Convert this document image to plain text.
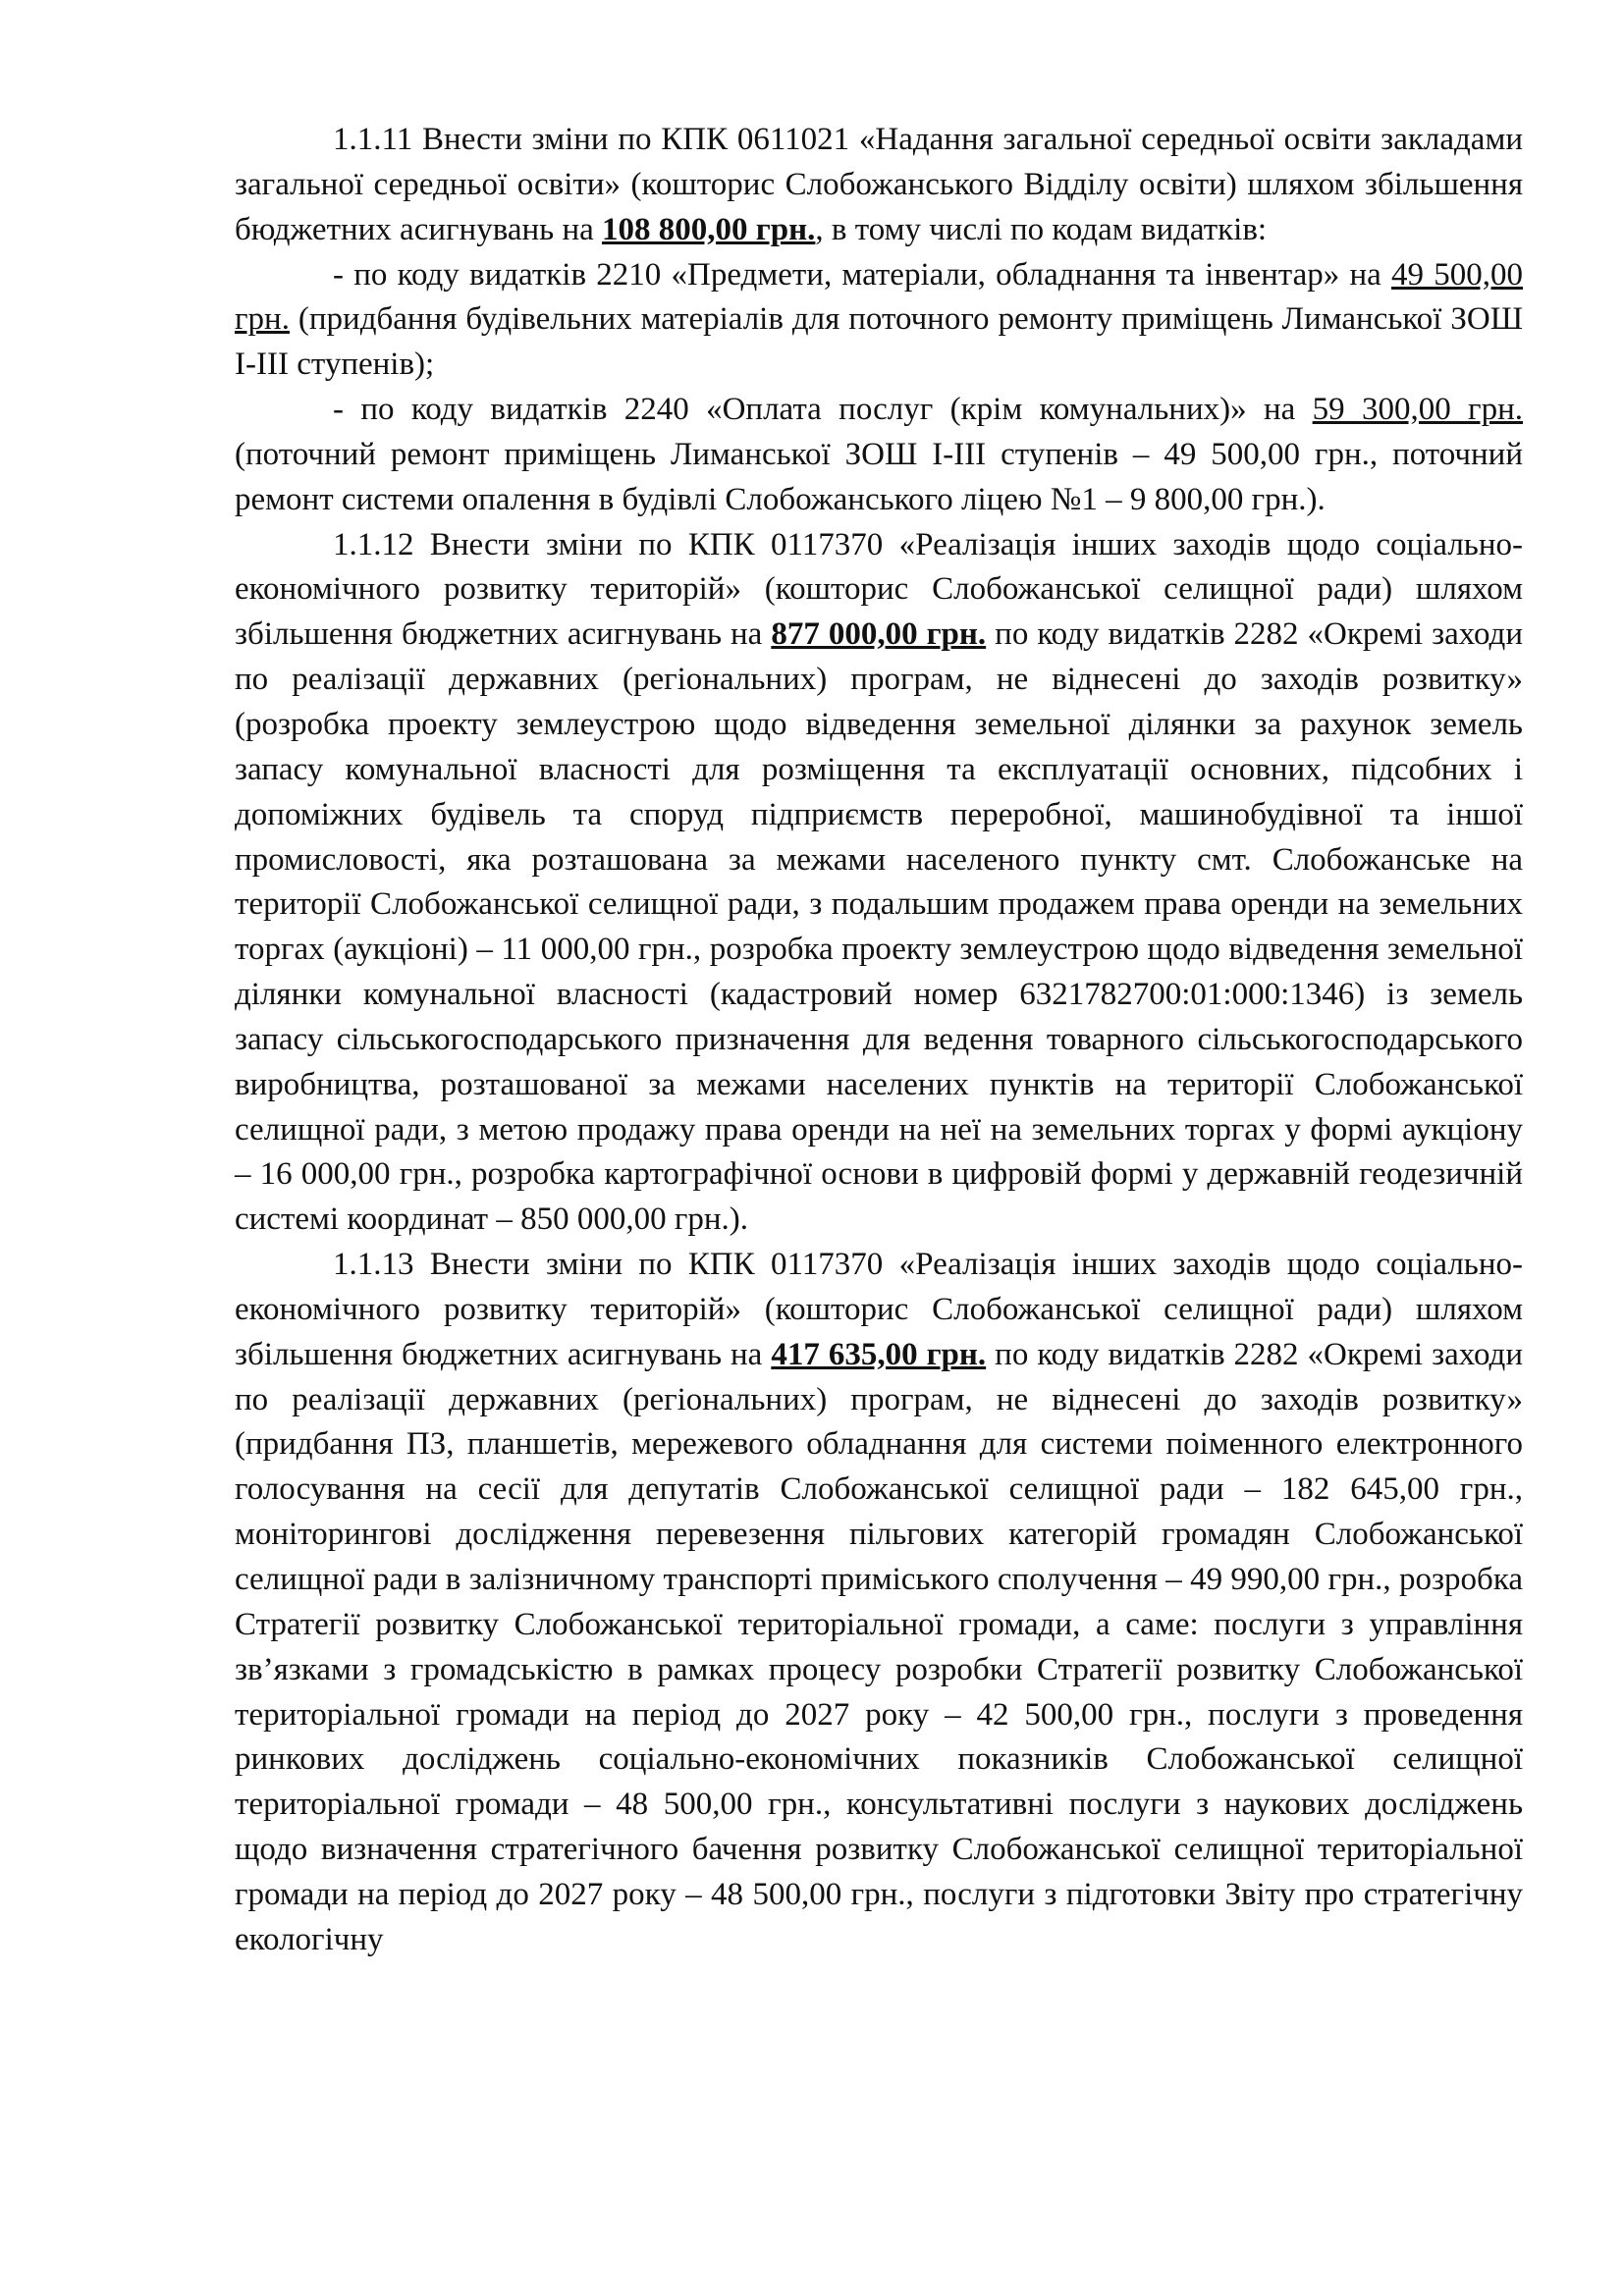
1.1.11 Внести зміни по КПК 0611021 «Надання загальної середньої освіти закладами загальної середньої освіти» (кошторис Слобожанського Відділу освіти) шляхом збільшення бюджетних асигнувань на 108 800,00 грн., в тому числі по кодам видатків:

- по коду видатків 2210 «Предмети, матеріали, обладнання та інвентар» на 49 500,00 грн. (придбання будівельних матеріалів для поточного ремонту приміщень Лиманської ЗОШ І-ІІІ ступенів);

- по коду видатків 2240 «Оплата послуг (крім комунальних)» на 59 300,00 грн. (поточний ремонт приміщень Лиманської ЗОШ І-ІІІ ступенів – 49 500,00 грн., поточний ремонт системи опалення в будівлі Слобожанського ліцею №1 – 9 800,00 грн.).

1.1.12 Внести зміни по КПК 0117370 «Реалізація інших заходів щодо соціально-економічного розвитку територій» (кошторис Слобожанської селищної ради) шляхом збільшення бюджетних асигнувань на 877 000,00 грн. по коду видатків 2282 «Окремі заходи по реалізації державних (регіональних) програм, не віднесені до заходів розвитку» (розробка проекту землеустрою щодо відведення земельної ділянки за рахунок земель запасу комунальної власності для розміщення та експлуатації основних, підсобних і допоміжних будівель та споруд підприємств переробної, машинобудівної та іншої промисловості, яка розташована за межами населеного пункту смт. Слобожанське на території Слобожанської селищної ради, з подальшим продажем права оренди на земельних торгах (аукціоні) – 11 000,00 грн., розробка проекту землеустрою щодо відведення земельної ділянки комунальної власності (кадастровий номер 6321782700:01:000:1346) із земель запасу сільськогосподарського призначення для ведення товарного сільськогосподарського виробництва, розташованої за межами населених пунктів на території Слобожанської селищної ради, з метою продажу права оренди на неї на земельних торгах у формі аукціону – 16 000,00 грн., розробка картографічної основи в цифровій формі у державній геодезичній системі координат – 850 000,00 грн.).

1.1.13 Внести зміни по КПК 0117370 «Реалізація інших заходів щодо соціально-економічного розвитку територій» (кошторис Слобожанської селищної ради) шляхом збільшення бюджетних асигнувань на 417 635,00 грн. по коду видатків 2282 «Окремі заходи по реалізації державних (регіональних) програм, не віднесені до заходів розвитку» (придбання ПЗ, планшетів, мережевого обладнання для системи поіменного електронного голосування на сесії для депутатів Слобожанської селищної ради – 182 645,00 грн., моніторингові дослідження перевезення пільгових категорій громадян Слобожанської селищної ради в залізничному транспорті приміського сполучення – 49 990,00 грн., розробка Стратегії розвитку Слобожанської територіальної громади, а саме: послуги з управління зв’язками з громадськістю в рамках процесу розробки Стратегії розвитку Слобожанської територіальної громади на період до 2027 року – 42 500,00 грн., послуги з проведення ринкових досліджень соціально-економічних показників Слобожанської селищної територіальної громади – 48 500,00 грн., консультативні послуги з наукових досліджень щодо визначення стратегічного бачення розвитку Слобожанської селищної територіальної громади на період до 2027 року – 48 500,00 грн., послуги з підготовки Звіту про стратегічну екологічну
